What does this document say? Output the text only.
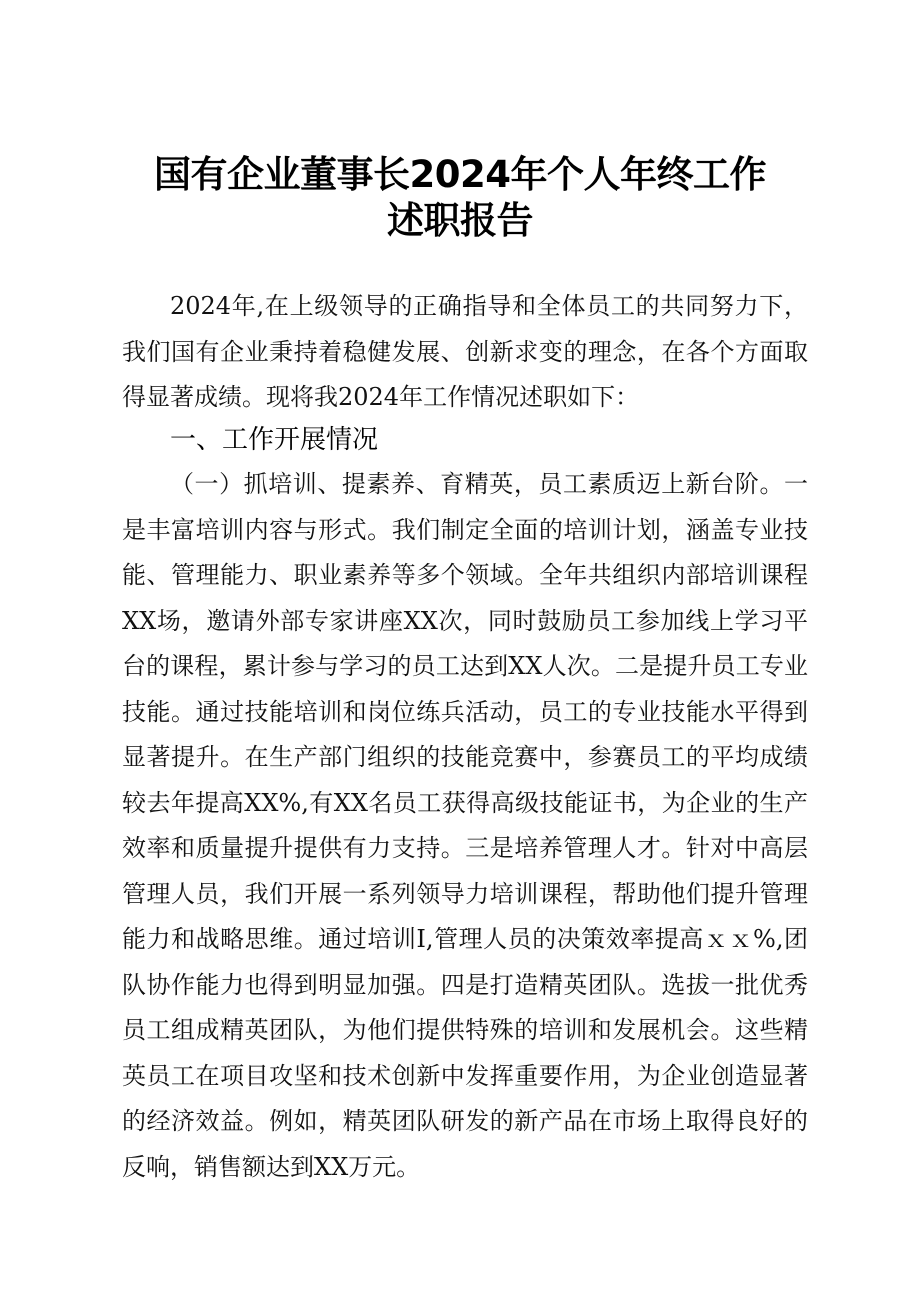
国有企业董事长2024年个人年终工作述职报告

2024年,在上级领导的正确指导和全体员工的共同努力下，我们国有企业秉持着稳健发展、创新求变的理念，在各个方面取得显著成绩。现将我2024年工作情况述职如下：

一、工作开展情况

（一）抓培训、提素养、育精英，员工素质迈上新台阶。一是丰富培训内容与形式。我们制定全面的培训计划，涵盖专业技能、管理能力、职业素养等多个领域。全年共组织内部培训课程XX场，邀请外部专家讲座XX次，同时鼓励员工参加线上学习平台的课程，累计参与学习的员工达到XX人次。二是提升员工专业技能。通过技能培训和岗位练兵活动，员工的专业技能水平得到显著提升。在生产部门组织的技能竞赛中，参赛员工的平均成绩较去年提高XX%,有XX名员工获得高级技能证书，为企业的生产效率和质量提升提供有力支持。三是培养管理人才。针对中高层管理人员，我们开展一系列领导力培训课程，帮助他们提升管理能力和战略思维。通过培训I,管理人员的决策效率提高ｘｘ%,团队协作能力也得到明显加强。四是打造精英团队。选拔一批优秀员工组成精英团队，为他们提供特殊的培训和发展机会。这些精英员工在项目攻坚和技术创新中发挥重要作用，为企业创造显著的经济效益。例如，精英团队研发的新产品在市场上取得良好的反响，销售额达到XX万元。
